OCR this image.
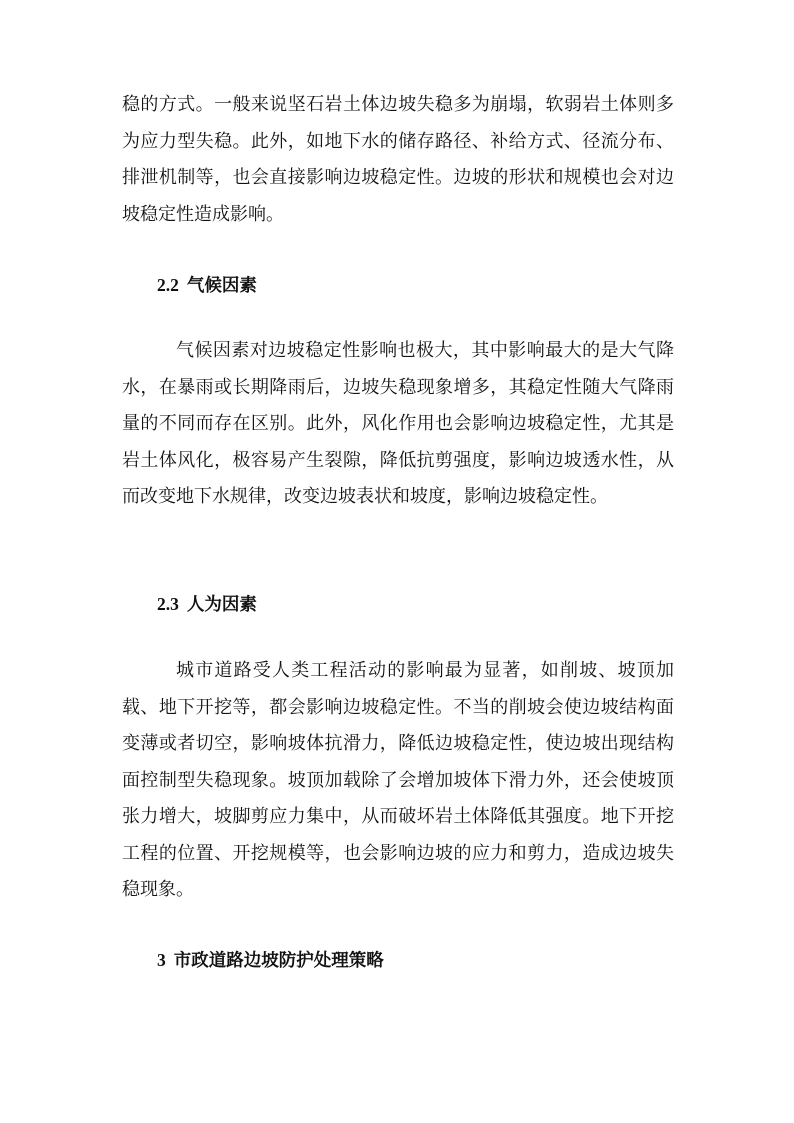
稳的方式。一般来说坚石岩土体边坡失稳多为崩塌，软弱岩土体则多为应力型失稳。此外，如地下水的储存路径、补给方式、径流分布、排泄机制等，也会直接影响边坡稳定性。边坡的形状和规模也会对边坡稳定性造成影响。

2.2 气候因素

气候因素对边坡稳定性影响也极大，其中影响最大的是大气降水，在暴雨或长期降雨后，边坡失稳现象增多，其稳定性随大气降雨量的不同而存在区别。此外，风化作用也会影响边坡稳定性，尤其是岩土体风化，极容易产生裂隙，降低抗剪强度，影响边坡透水性，从而改变地下水规律，改变边坡表状和坡度，影响边坡稳定性。

2.3 人为因素

城市道路受人类工程活动的影响最为显著，如削坡、坡顶加载、地下开挖等，都会影响边坡稳定性。不当的削坡会使边坡结构面变薄或者切空，影响坡体抗滑力，降低边坡稳定性，使边坡出现结构面控制型失稳现象。坡顶加载除了会增加坡体下滑力外，还会使坡顶张力增大，坡脚剪应力集中，从而破坏岩土体降低其强度。地下开挖工程的位置、开挖规模等，也会影响边坡的应力和剪力，造成边坡失稳现象。

3 市政道路边坡防护处理策略
